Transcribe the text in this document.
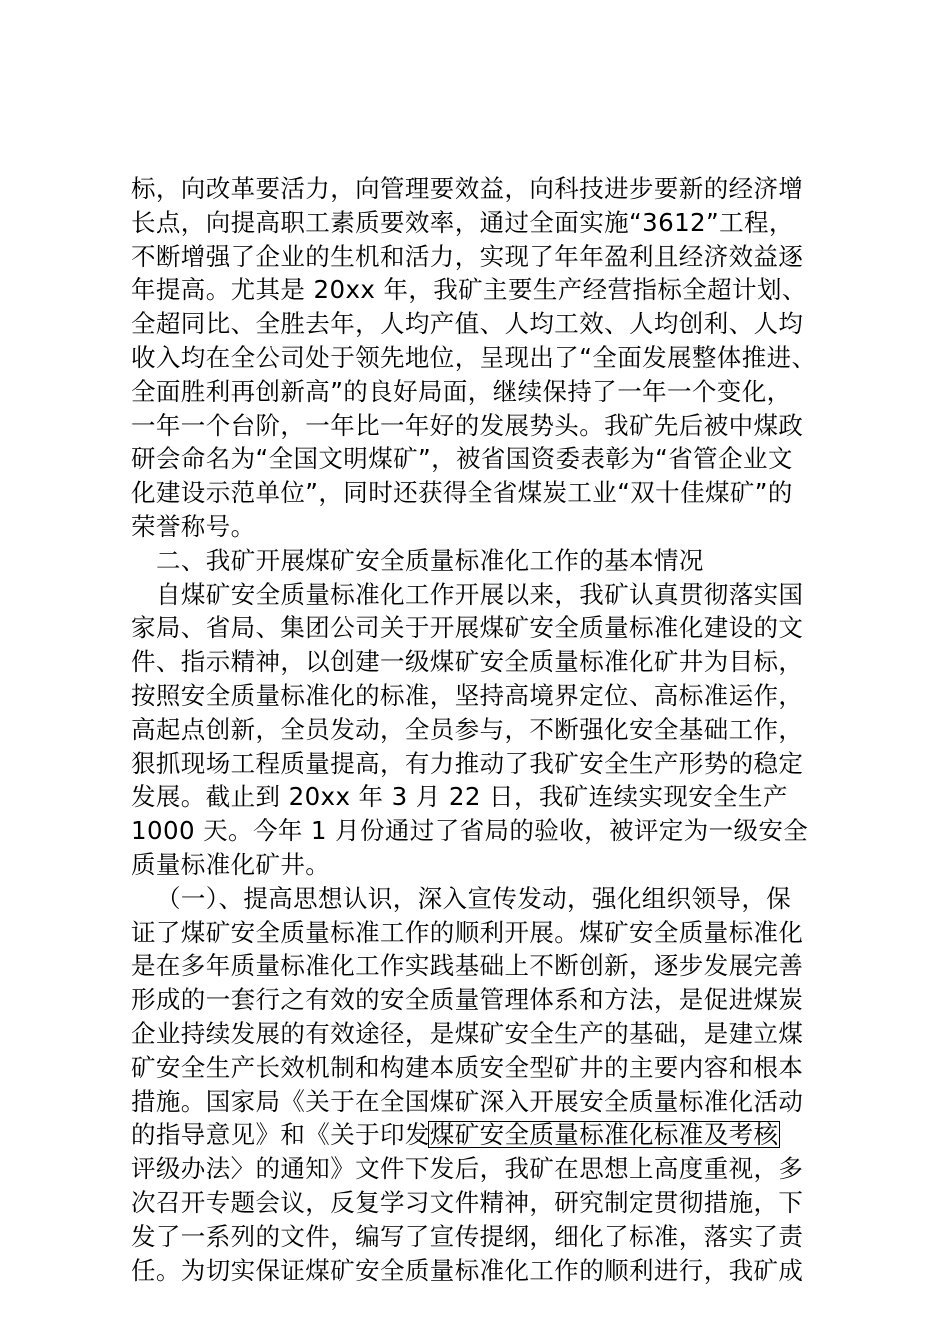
标，向改革要活力，向管理要效益，向科技进步要新的经济增
长点，向提高职工素质要效率，通过全面实施“3612”工程，
不断增强了企业的生机和活力，实现了年年盈利且经济效益逐
年提高。尤其是 20xx 年，我矿主要生产经营指标全超计划、
全超同比、全胜去年，人均产值、人均工效、人均创利、人均
收入均在全公司处于领先地位，呈现出了“全面发展整体推进、
全面胜利再创新高”的良好局面，继续保持了一年一个变化，
一年一个台阶，一年比一年好的发展势头。我矿先后被中煤政
研会命名为“全国文明煤矿”，被省国资委表彰为“省管企业文
化建设示范单位”，同时还获得全省煤炭工业“双十佳煤矿”的
荣誉称号。
二、我矿开展煤矿安全质量标准化工作的基本情况
自煤矿安全质量标准化工作开展以来，我矿认真贯彻落实国
家局、省局、集团公司关于开展煤矿安全质量标准化建设的文
件、指示精神，以创建一级煤矿安全质量标准化矿井为目标，
按照安全质量标准化的标准，坚持高境界定位、高标准运作，
高起点创新，全员发动，全员参与，不断强化安全基础工作，
狠抓现场工程质量提高，有力推动了我矿安全生产形势的稳定
发展。截止到 20xx 年 3 月 22 日，我矿连续实现安全生产
1000 天。今年 1 月份通过了省局的验收，被评定为一级安全
质量标准化矿井。
（一）、提高思想认识，深入宣传发动，强化组织领导，保
证了煤矿安全质量标准工作的顺利开展。煤矿安全质量标准化
是在多年质量标准化工作实践基础上不断创新，逐步发展完善
形成的一套行之有效的安全质量管理体系和方法，是促进煤炭
企业持续发展的有效途径，是煤矿安全生产的基础，是建立煤
矿安全生产长效机制和构建本质安全型矿井的主要内容和根本
措施。国家局《关于在全国煤矿深入开展安全质量标准化活动
的指导意见》和《关于印发煤矿安全质量标准化标准及考核
评级办法〉的通知》文件下发后，我矿在思想上高度重视，多
次召开专题会议，反复学习文件精神，研究制定贯彻措施，下
发了一系列的文件，编写了宣传提纲，细化了标准，落实了责
任。为切实保证煤矿安全质量标准化工作的顺利进行，我矿成
